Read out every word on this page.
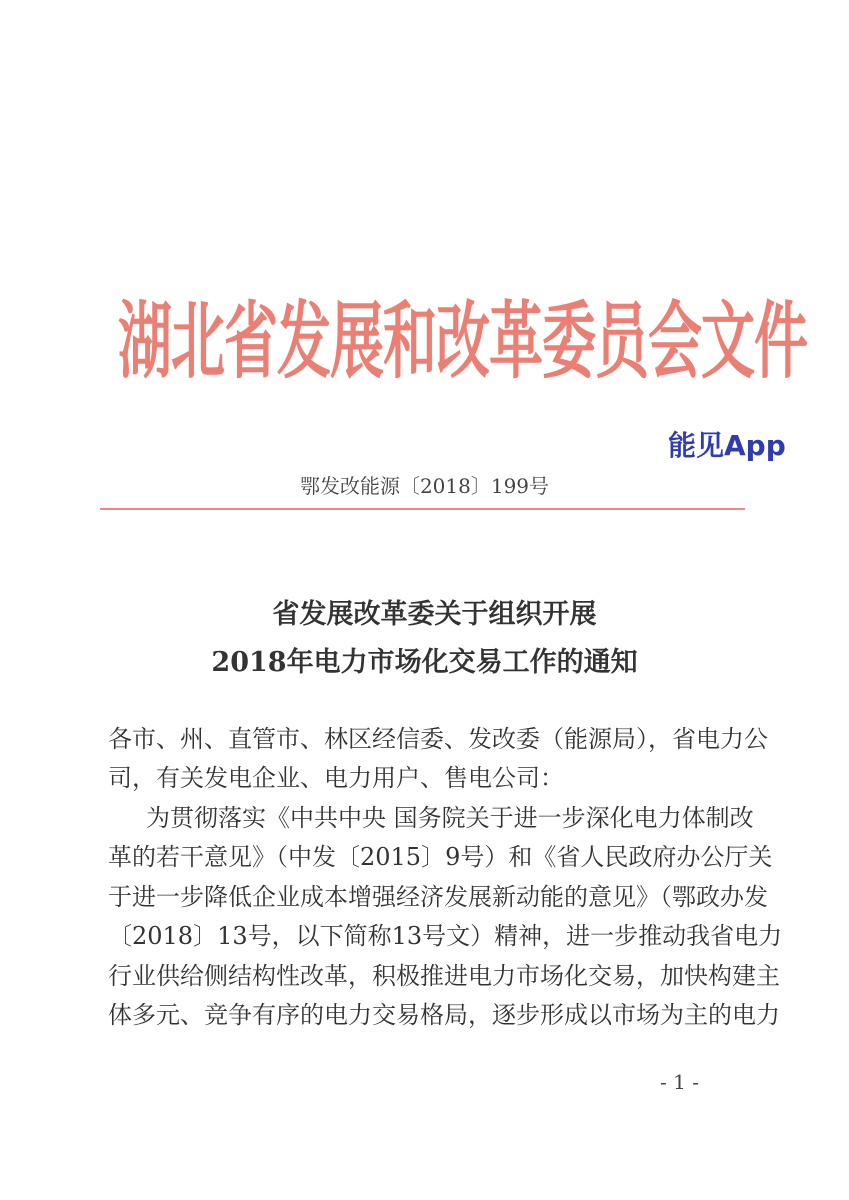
湖北省发展和改革委员会文件
能见App
鄂发改能源〔2018〕199号
省发展改革委关于组织开展
2018年电力市场化交易工作的通知
各市、州、直管市、林区经信委、发改委（能源局），省电力公
司，有关发电企业、电力用户、售电公司：
为贯彻落实《中共中央 国务院关于进一步深化电力体制改
革的若干意见》（中发〔2015〕9号）和《省人民政府办公厅关
于进一步降低企业成本增强经济发展新动能的意见》（鄂政办发
〔2018〕13号，以下简称13号文）精神，进一步推动我省电力
行业供给侧结构性改革，积极推进电力市场化交易，加快构建主
体多元、竞争有序的电力交易格局，逐步形成以市场为主的电力
- 1 -
